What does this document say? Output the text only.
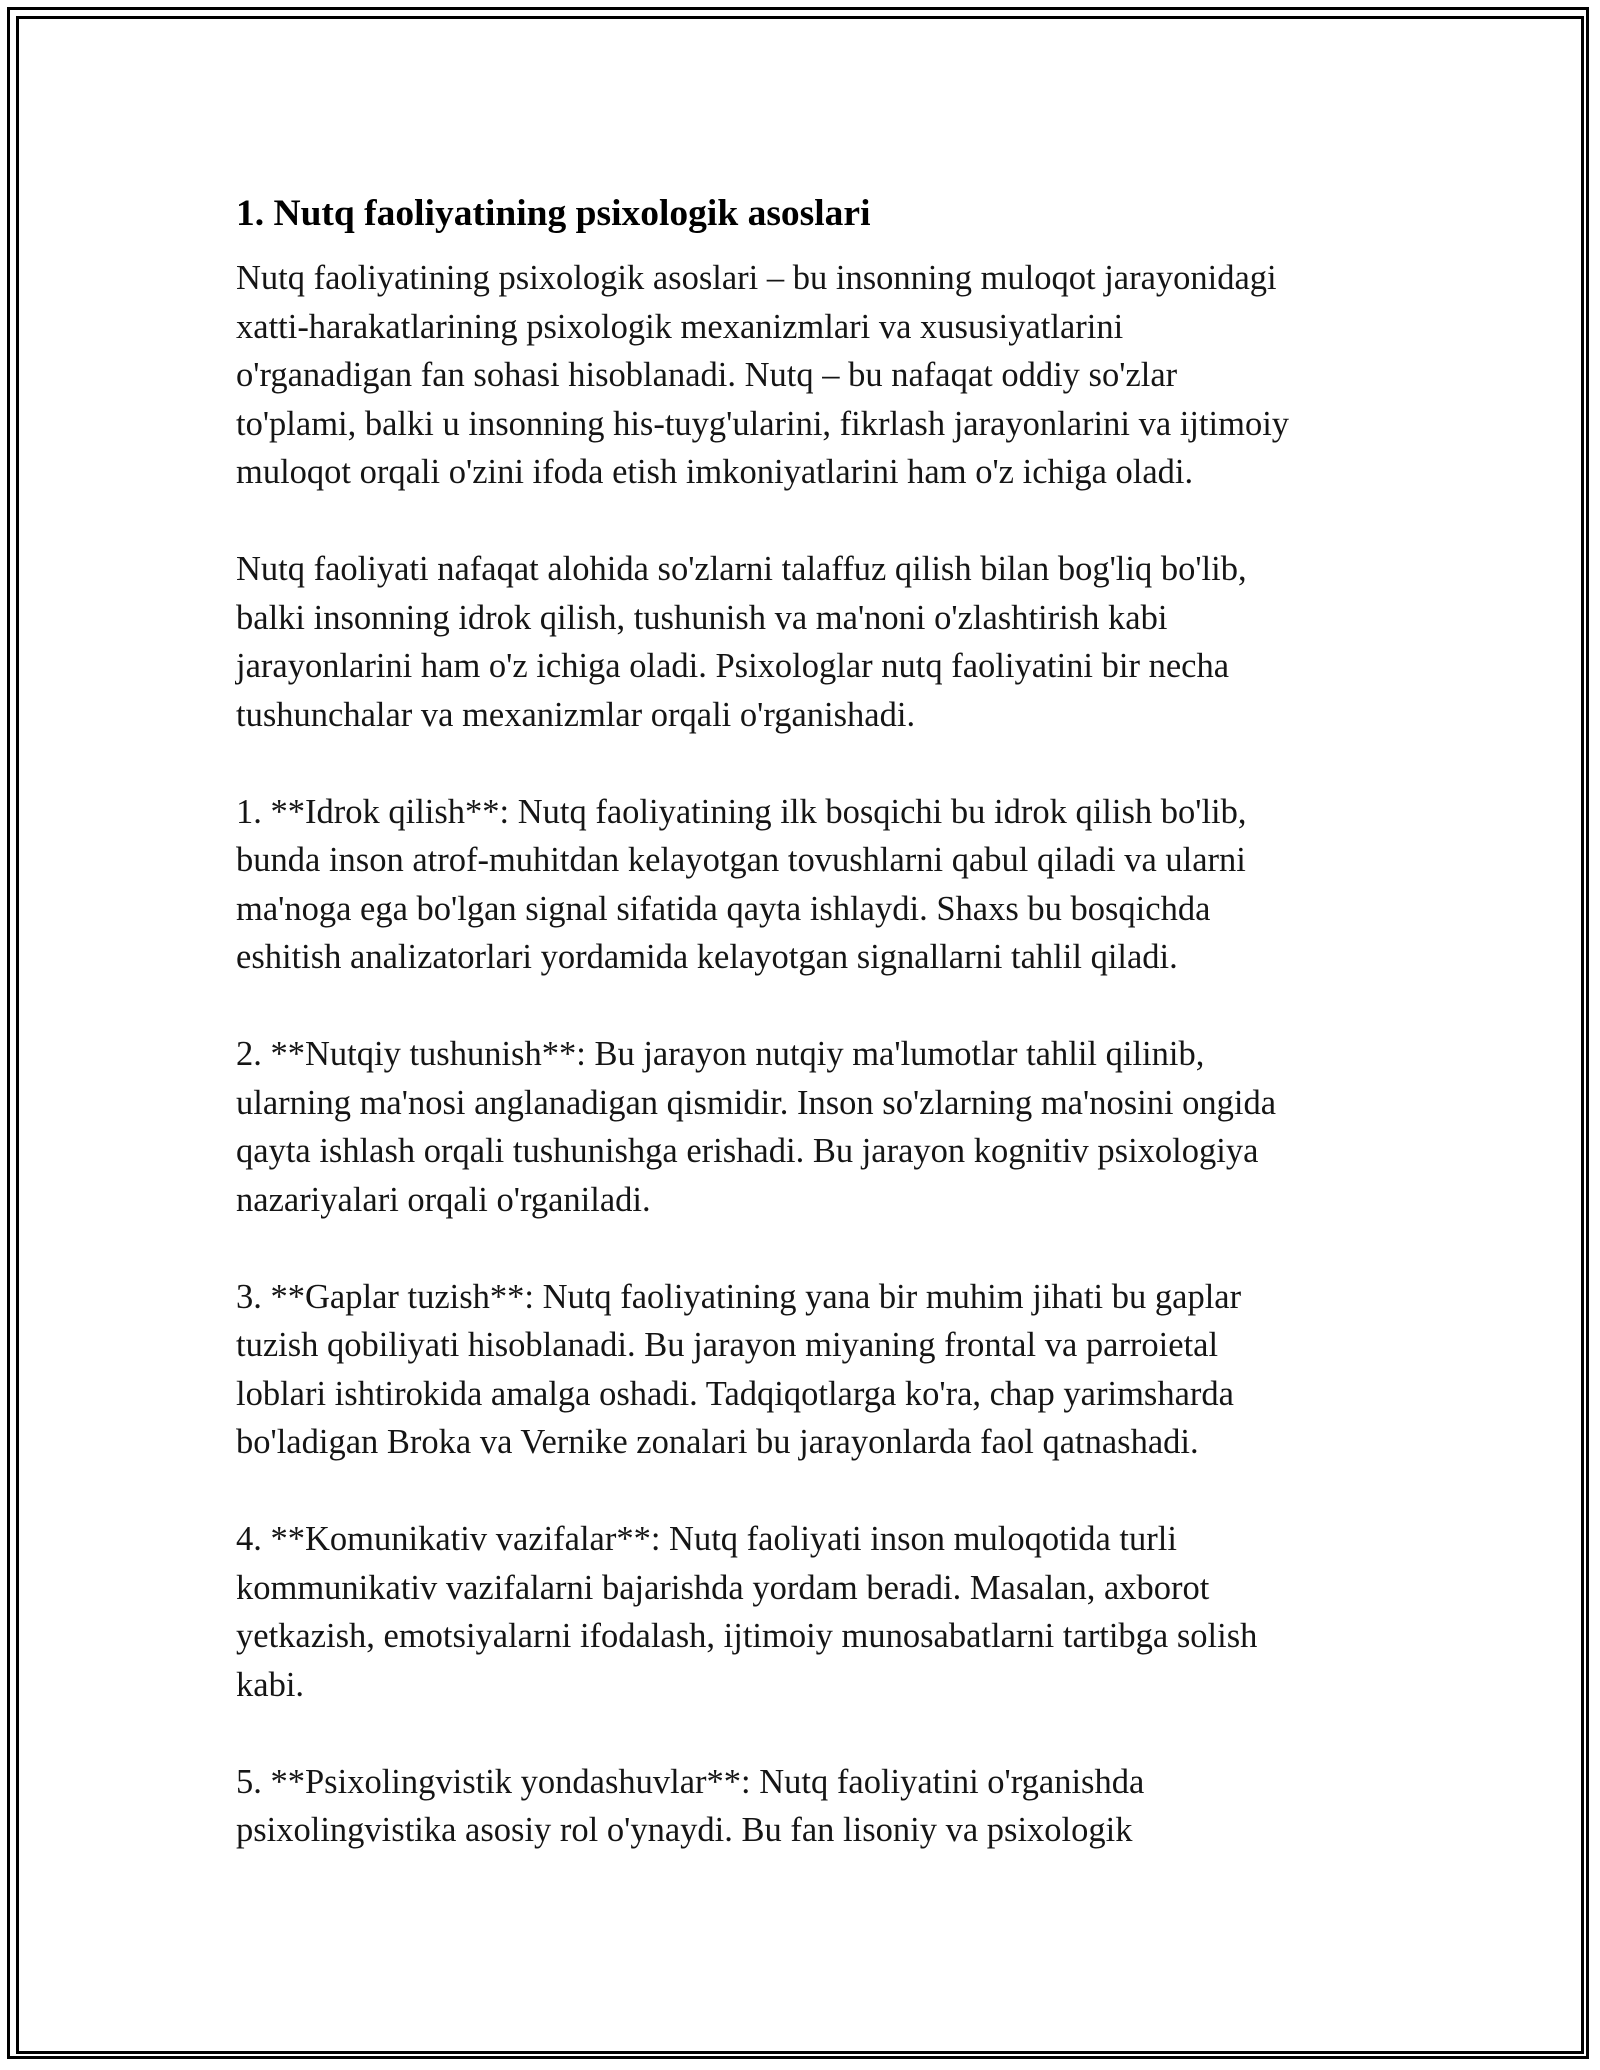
1. Nutq faoliyatining psixologik asoslari

Nutq faoliyatining psixologik asoslari – bu insonning muloqot jarayonidagi
xatti-harakatlarining psixologik mexanizmlari va xususiyatlarini
o'rganadigan fan sohasi hisoblanadi. Nutq – bu nafaqat oddiy so'zlar
to'plami, balki u insonning his-tuyg'ularini, fikrlash jarayonlarini va ijtimoiy
muloqot orqali o'zini ifoda etish imkoniyatlarini ham o'z ichiga oladi.

Nutq faoliyati nafaqat alohida so'zlarni talaffuz qilish bilan bog'liq bo'lib,
balki insonning idrok qilish, tushunish va ma'noni o'zlashtirish kabi
jarayonlarini ham o'z ichiga oladi. Psixologlar nutq faoliyatini bir necha
tushunchalar va mexanizmlar orqali o'rganishadi.

1. **Idrok qilish**: Nutq faoliyatining ilk bosqichi bu idrok qilish bo'lib,
bunda inson atrof-muhitdan kelayotgan tovushlarni qabul qiladi va ularni
ma'noga ega bo'lgan signal sifatida qayta ishlaydi. Shaxs bu bosqichda
eshitish analizatorlari yordamida kelayotgan signallarni tahlil qiladi.

2. **Nutqiy tushunish**: Bu jarayon nutqiy ma'lumotlar tahlil qilinib,
ularning ma'nosi anglanadigan qismidir. Inson so'zlarning ma'nosini ongida
qayta ishlash orqali tushunishga erishadi. Bu jarayon kognitiv psixologiya
nazariyalari orqali o'rganiladi.

3. **Gaplar tuzish**: Nutq faoliyatining yana bir muhim jihati bu gaplar
tuzish qobiliyati hisoblanadi. Bu jarayon miyaning frontal va parroietal
loblari ishtirokida amalga oshadi. Tadqiqotlarga ko'ra, chap yarimsharda
bo'ladigan Broka va Vernike zonalari bu jarayonlarda faol qatnashadi.

4. **Komunikativ vazifalar**: Nutq faoliyati inson muloqotida turli
kommunikativ vazifalarni bajarishda yordam beradi. Masalan, axborot
yetkazish, emotsiyalarni ifodalash, ijtimoiy munosabatlarni tartibga solish
kabi.

5. **Psixolingvistik yondashuvlar**: Nutq faoliyatini o'rganishda
psixolingvistika asosiy rol o'ynaydi. Bu fan lisoniy va psixologik
